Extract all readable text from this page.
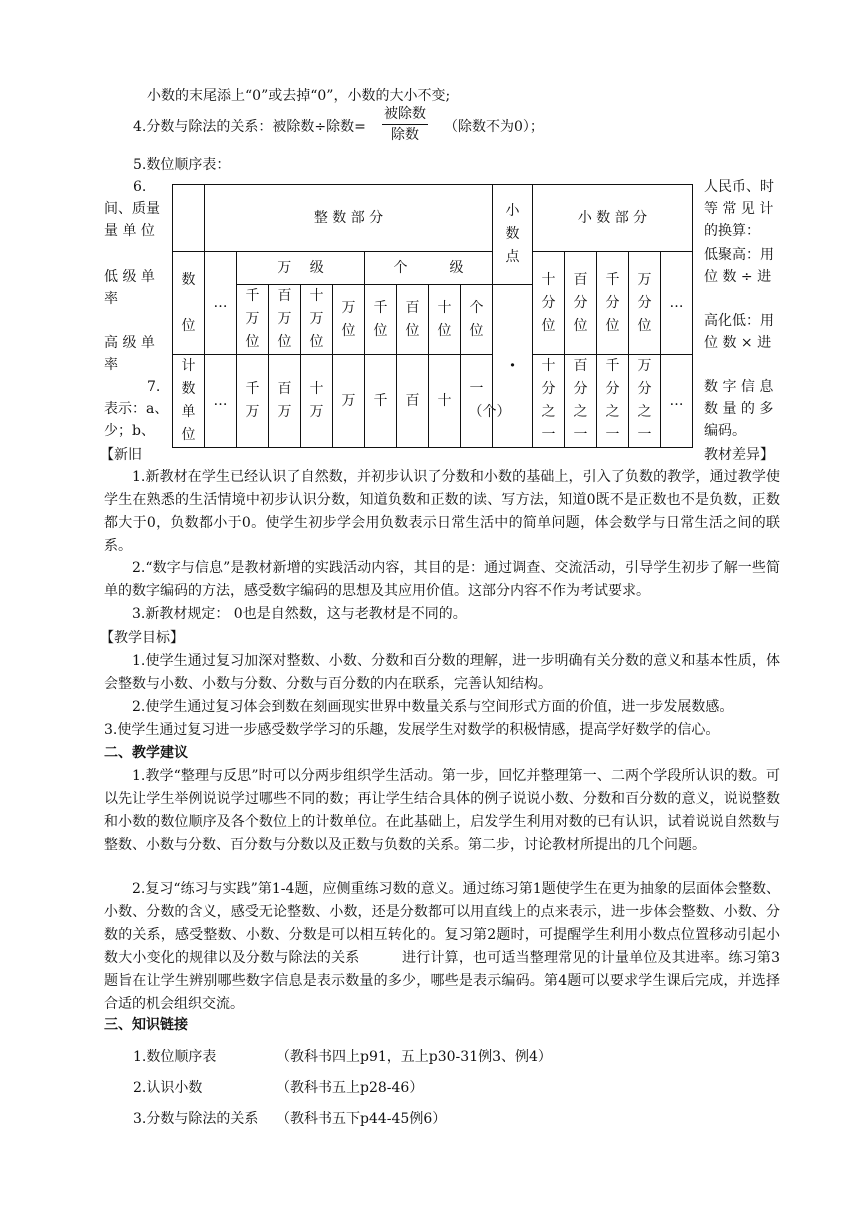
小数的末尾添上“0”或去掉“0”，小数的大小不变;
4.分数与除法的关系：被除数÷除数=
被除数
除数	（除数不为0）；
5.数位顺序表：
6.
间、质量
量 单 位
低 级 单
率
高 级 单
率
7.
表示：a、
少；b、
【新旧
人民币、时
等 常 见 计
的换算：
低聚高：用
位 数 ÷ 进
高化低：用
位 数 × 进
数 字 信 息
数 量 的 多
编码。
教材差异】
	整 数 部 分									小数点	小 数 部 分				
数位	…	万　 级				个　　　级					十分位	百分位	千分位	万分位	…
		千万位	百万位	十万位	万位	千位	百位	十位	个位	·					
计数单位	…	千万	百万	十万	万	千	百	十	一（个）		十分之一	百分之一	千分之一	万分之一	…
1.新教材在学生已经认识了自然数，并初步认识了分数和小数的基础上，引入了负数的教学，通过教学使学生在熟悉的生活情境中初步认识分数，知道负数和正数的读、写方法，知道0既不是正数也不是负数，正数都大于0，负数都小于0。使学生初步学会用负数表示日常生活中的简单问题，体会数学与日常生活之间的联系。
2.“数字与信息”是教材新增的实践活动内容，其目的是：通过调查、交流活动，引导学生初步了解一些简单的数字编码的方法，感受数字编码的思想及其应用价值。这部分内容不作为考试要求。
3.新教材规定： 0也是自然数，这与老教材是不同的。
【教学目标】
1.使学生通过复习加深对整数、小数、分数和百分数的理解，进一步明确有关分数的意义和基本性质，体会整数与小数、小数与分数、分数与百分数的内在联系，完善认知结构。
2.使学生通过复习体会到数在刻画现实世界中数量关系与空间形式方面的价值，进一步发展数感。
3.使学生通过复习进一步感受数学学习的乐趣，发展学生对数学的积极情感，提高学好数学的信心。
二、教学建议
1.教学“整理与反思”时可以分两步组织学生活动。第一步，回忆并整理第一、二两个学段所认识的数。可以先让学生举例说说学过哪些不同的数；再让学生结合具体的例子说说小数、分数和百分数的意义，说说整数和小数的数位顺序及各个数位上的计数单位。在此基础上，启发学生利用对数的已有认识，试着说说自然数与整数、小数与分数、百分数与分数以及正数与负数的关系。第二步，讨论教材所提出的几个问题。
2.复习“练习与实践”第1-4题，应侧重练习数的意义。通过练习第1题使学生在更为抽象的层面体会整数、小数、分数的含义，感受无论整数、小数，还是分数都可以用直线上的点来表示，进一步体会整数、小数、分数的关系，感受整数、小数、分数是可以相互转化的。复习第2题时，可提醒学生利用小数点位置移动引起小数大小变化的规律以及分数与除法的关系　　　进行计算，也可适当整理常见的计量单位及其进率。练习第3题旨在让学生辨别哪些数字信息是表示数量的多少，哪些是表示编码。第4题可以要求学生课后完成，并选择合适的机会组织交流。
三、知识链接
1.数位顺序表	（教科书四上p91，五上p30-31例3、例4）
2.认识小数	（教科书五上p28-46）
3.分数与除法的关系 （教科书五下p44-45例6）
